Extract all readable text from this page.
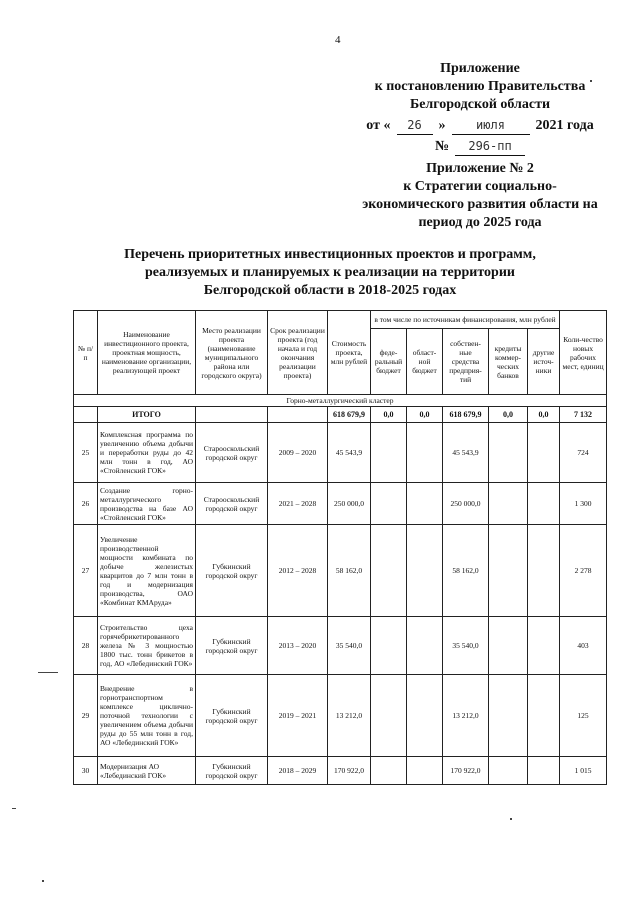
4
Приложение
к постановлению Правительства
Белгородской области
от «	26	»	июля	2021 года
№	296-пп
Приложение № 2
к Стратегии социально-
экономического развития области на
период до 2025 года
Перечень приоритетных инвестиционных проектов и программ,
реализуемых и планируемых к реализации на территории
Белгородской области в 2018-2025 годах
№ п/п	Наименование инвестиционного проекта, проектная мощность, наименование организации, реализующей проект	Место реализации проекта (наименование муниципального района или городского округа)	Срок реализации проекта (год начала и год окончания реализации проекта)	Стоимость проекта, млн рублей	в том числе по источникам финансирования, млн рублей					Коли-чество новых рабочих мест, единиц
					феде-ральный бюджет	област-ной бюджет	собствен-ные средства предприя-тий	кредиты коммер-ческих банков	другие источ-ники	
Горно-металлургический кластер										
	ИТОГО			618 679,9	0,0	0,0	618 679,9	0,0	0,0	7 132
25	Комплексная программа по увеличению объема добычи и переработки руды до 42 млн тонн в год, АО «Стойленский ГОК»	Старооскольский городской округ	2009 – 2020	45 543,9			45 543,9			724
26	Создание горно-металлургического производства на базе АО «Стойленский ГОК»	Старооскольский городской округ	2021 – 2028	250 000,0			250 000,0			1 300
27	Увеличение производственной мощности комбината по добыче железистых кварцитов до 7 млн тонн в год и модернизация производства, ОАО «Комбинат КМАруда»	Губкинский городской округ	2012 – 2028	58 162,0			58 162,0			2 278
28	Строительство цеха горячебрикетированного железа № 3 мощностью 1800 тыс. тонн брикетов в год, АО «Лебединский ГОК»	Губкинский городской округ	2013 – 2020	35 540,0			35 540,0			403
29	Внедрение в горнотранспортном комплексе циклично-поточной технологии с увеличением объема добычи руды до 55 млн тонн в год, АО «Лебединский ГОК»	Губкинский городской округ	2019 – 2021	13 212,0			13 212,0			125
30	Модернизация АО «Лебединский ГОК»	Губкинский городской округ	2018 – 2029	170 922,0			170 922,0			1 015
